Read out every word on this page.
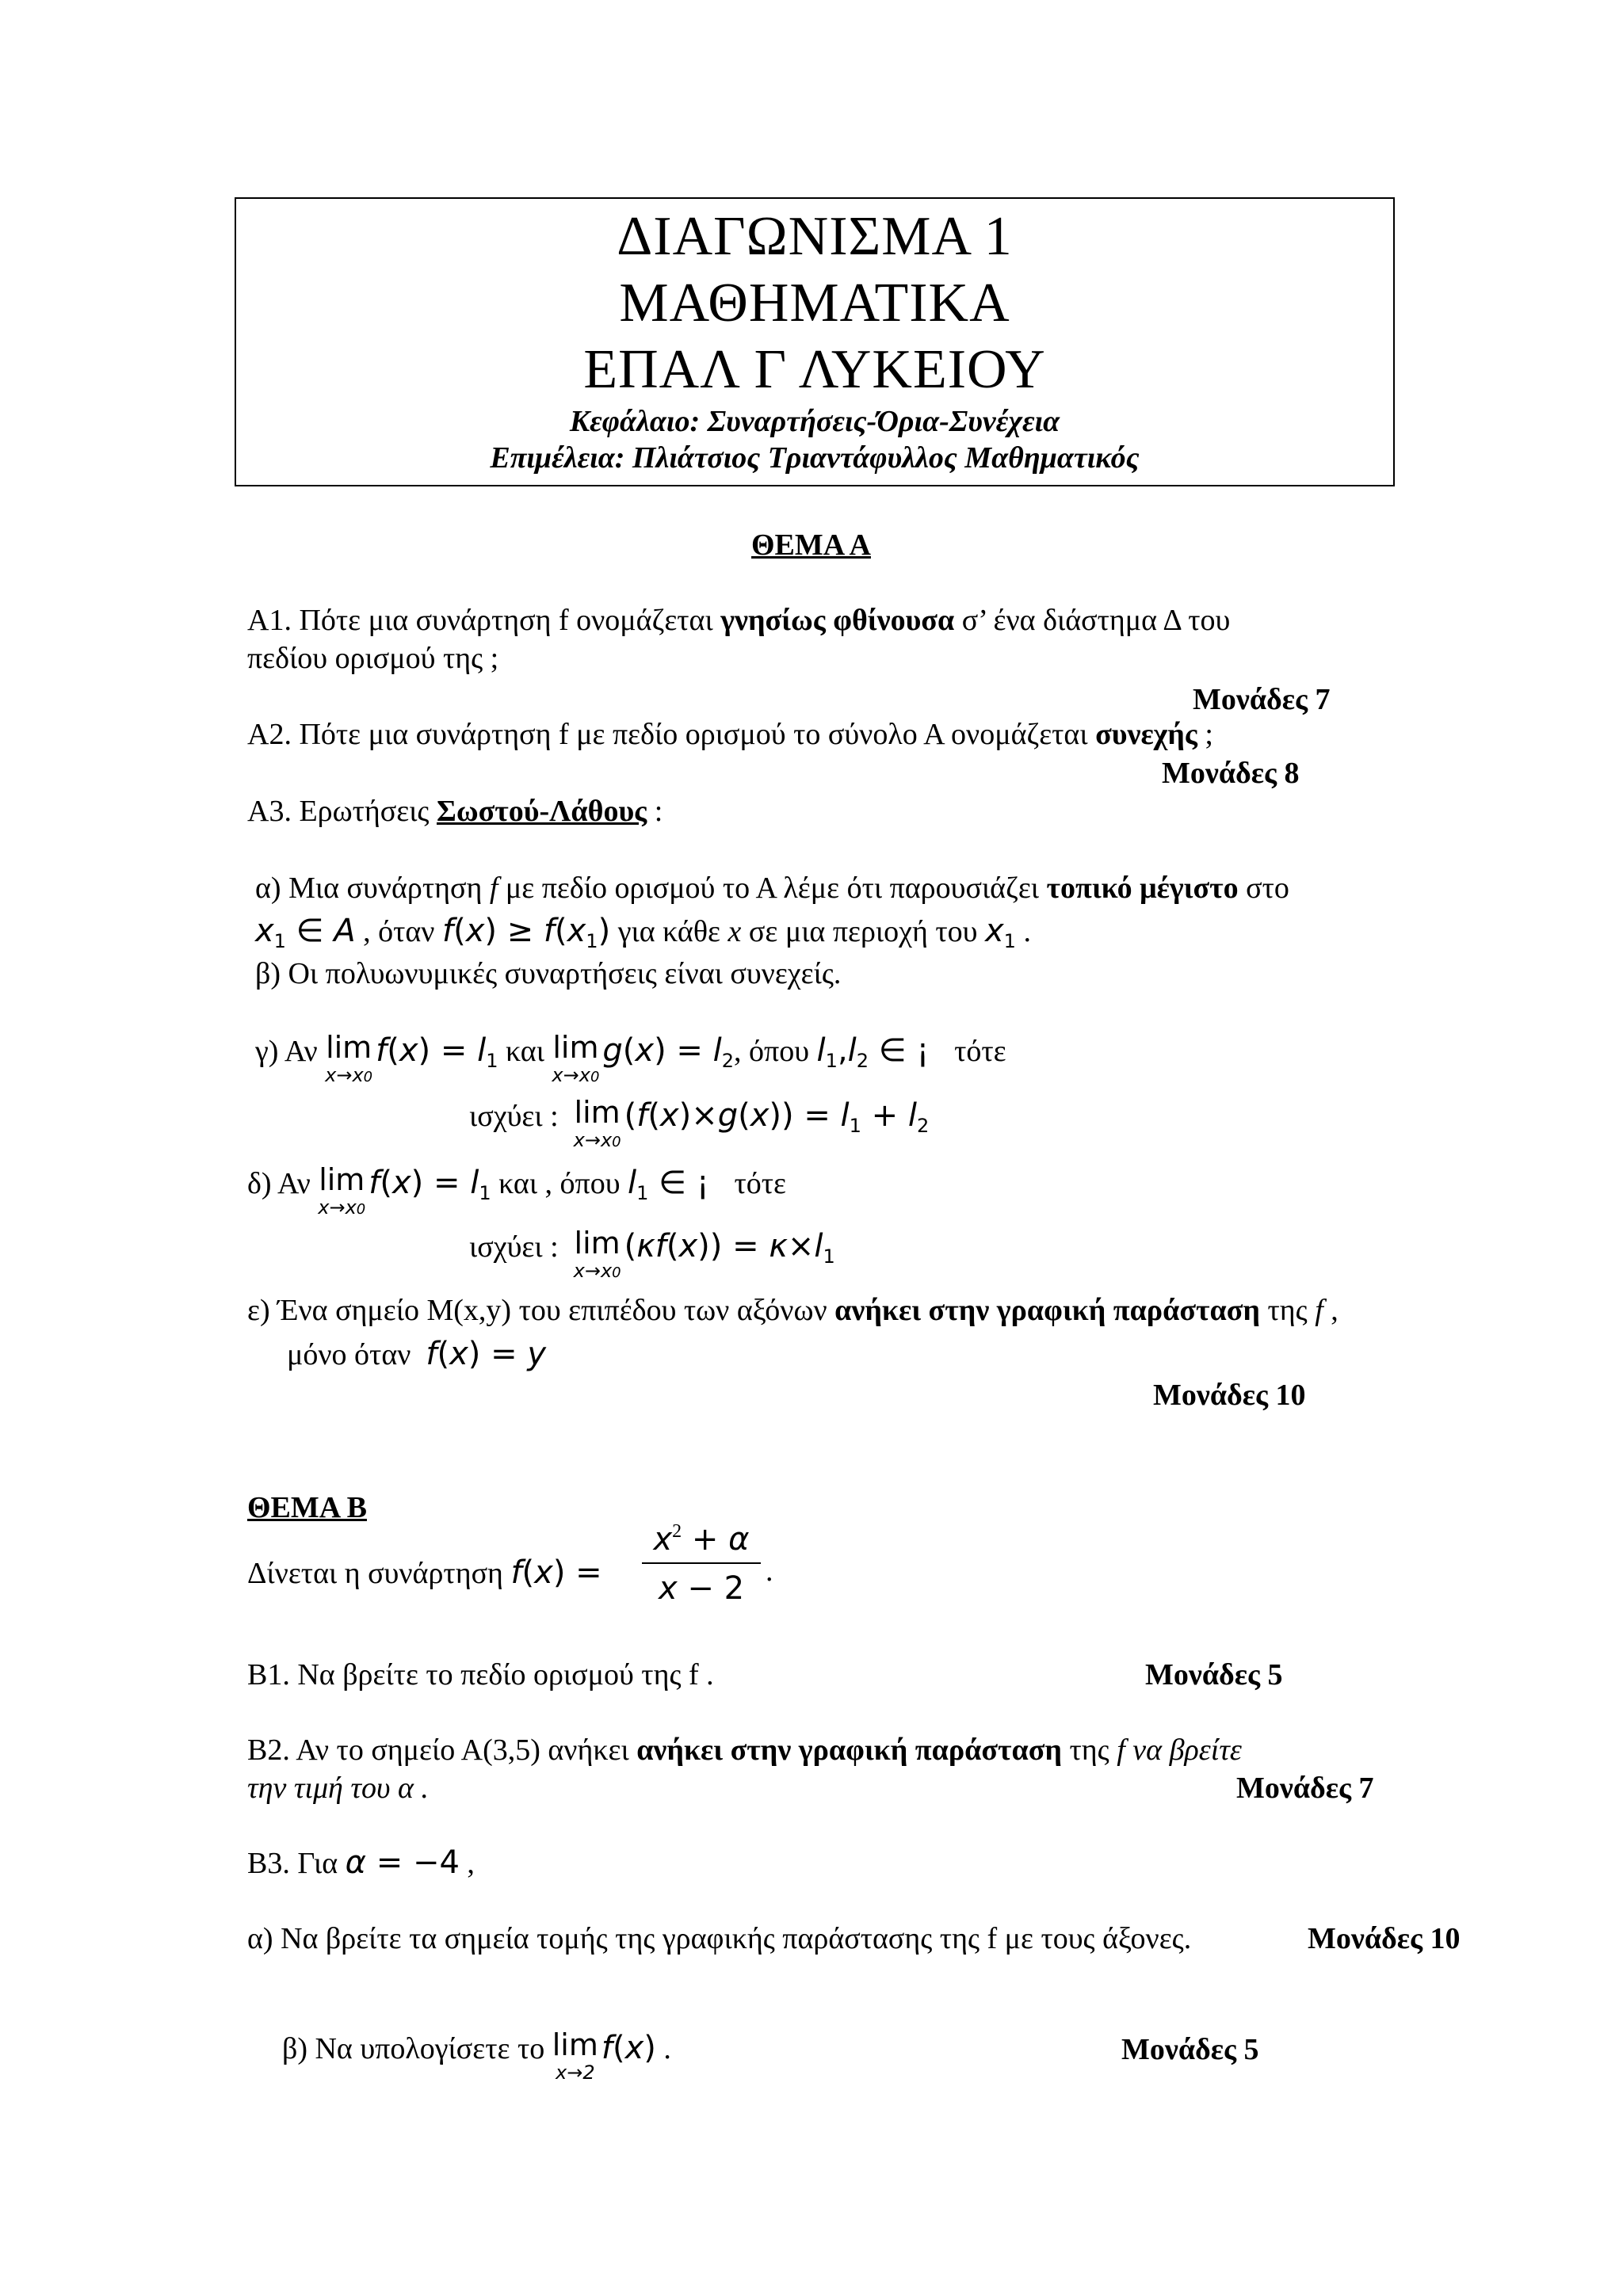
ΔΙΑΓΩΝΙΣΜΑ 1
ΜΑΘΗΜΑΤΙΚΑ
ΕΠΑΛ Γ ΛΥΚΕΙΟΥ
Κεφάλαιο: Συναρτήσεις-Όρια-Συνέχεια
Επιμέλεια: Πλιάτσιος Τριαντάφυλλος Μαθηματικός
ΘΕΜΑ Α
Α1. Πότε μια συνάρτηση f ονομάζεται γνησίως φθίνουσα σ’ ένα διάστημα Δ του
πεδίου ορισμού της ;
Μονάδες 7
Α2. Πότε μια συνάρτηση f με πεδίο ορισμού το σύνολο Α ονομάζεται συνεχής ;
Μονάδες 8
Α3. Ερωτήσεις Σωστού-Λάθους :
α) Μια συνάρτηση f με πεδίο ορισμού το Α λέμε ότι παρουσιάζει τοπικό μέγιστο στο
$x_1$ ∈ A , όταν $f(x) \ge f(x_1)$ για κάθε x σε μια περιοχή του $x_1$ .
β) Οι πολυωνυμικές συναρτήσεις είναι συνεχείς.
γ) Αν lim
x→x0
$f(x) = l_1$ και lim
x→x0
$g(x) = l_2$, όπου $l_1,l_2$ ∈ ¡   τότε
ισχύει : lim
x→x0
$(f(x)\times g(x)) = l_1 + l_2$
δ) Αν lim
x→x0
$f(x) = l_1$ και , όπου $l_1$ ∈ ¡   τότε
ισχύει : lim
x→x0
$(\kappa f(x)) = \kappa\times l_1$
ε) Ένα σημείο Μ(x,y) του επιπέδου των αξόνων ανήκει στην γραφική παράσταση της f ,
μόνο όταν  f(x) = y
Μονάδες 10
ΘΕΜΑ Β
Δίνεται η συνάρτηση $f(x) = \frac{x^2 + \alpha}{x - 2}$ .
Β1. Να βρείτε το πεδίο ορισμού της f .	Μονάδες 5
Β2. Αν το σημείο Α(3,5) ανήκει ανήκει στην γραφική παράσταση της f να βρείτε
την τιμή του α .	Μονάδες 7
Β3. Για α = −4 ,
α) Να βρείτε τα σημεία τομής της γραφικής παράστασης της f με τους άξονες.	Μονάδες 10
β) Να υπολογίσετε το lim
x→2
f(x) .	Μονάδες 5
